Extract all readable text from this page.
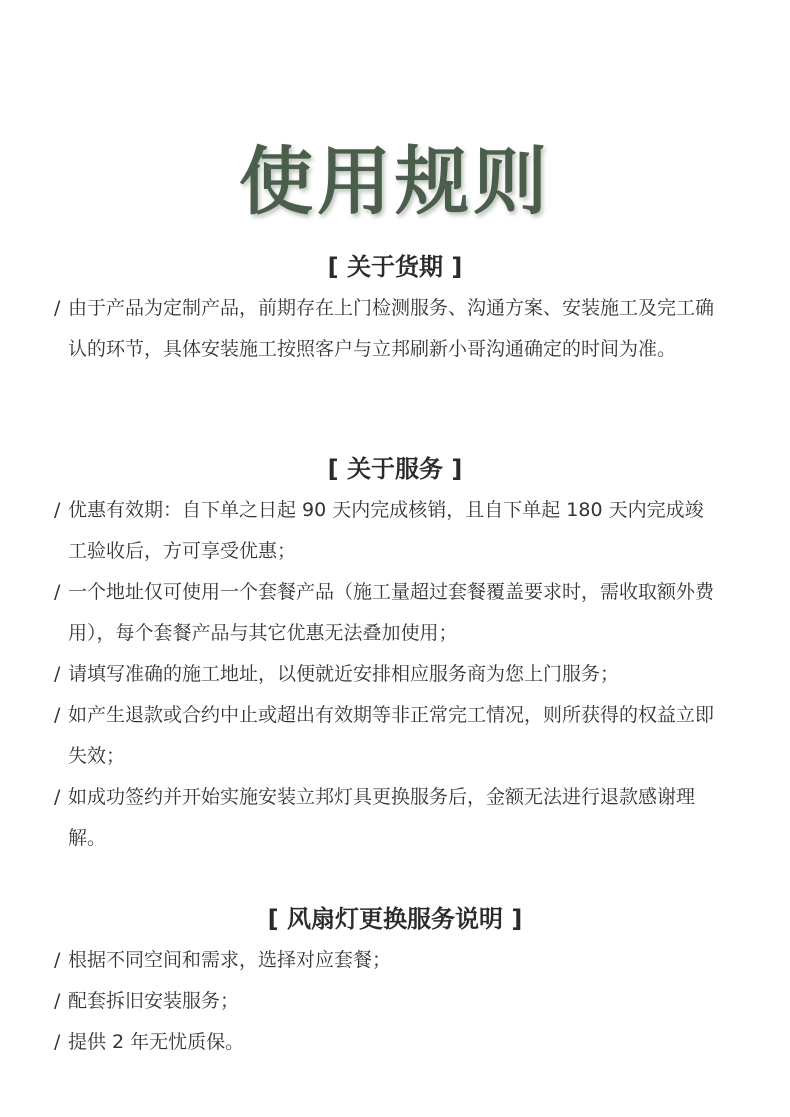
使用规则
[ 关于货期 ]
/ 由于产品为定制产品，前期存在上门检测服务、沟通方案、安装施工及完工确认的环节，具体安装施工按照客户与立邦刷新小哥沟通确定的时间为准。
[ 关于服务 ]
/ 优惠有效期：自下单之日起 90 天内完成核销，且自下单起 180 天内完成竣工验收后，方可享受优惠；
/ 一个地址仅可使用一个套餐产品（施工量超过套餐覆盖要求时，需收取额外费用），每个套餐产品与其它优惠无法叠加使用；
/ 请填写准确的施工地址，以便就近安排相应服务商为您上门服务；
/ 如产生退款或合约中止或超出有效期等非正常完工情况，则所获得的权益立即失效；
/ 如成功签约并开始实施安装立邦灯具更换服务后，金额无法进行退款感谢理解。
[ 风扇灯更换服务说明 ]
/ 根据不同空间和需求，选择对应套餐；
/ 配套拆旧安装服务；
/ 提供 2 年无忧质保。
